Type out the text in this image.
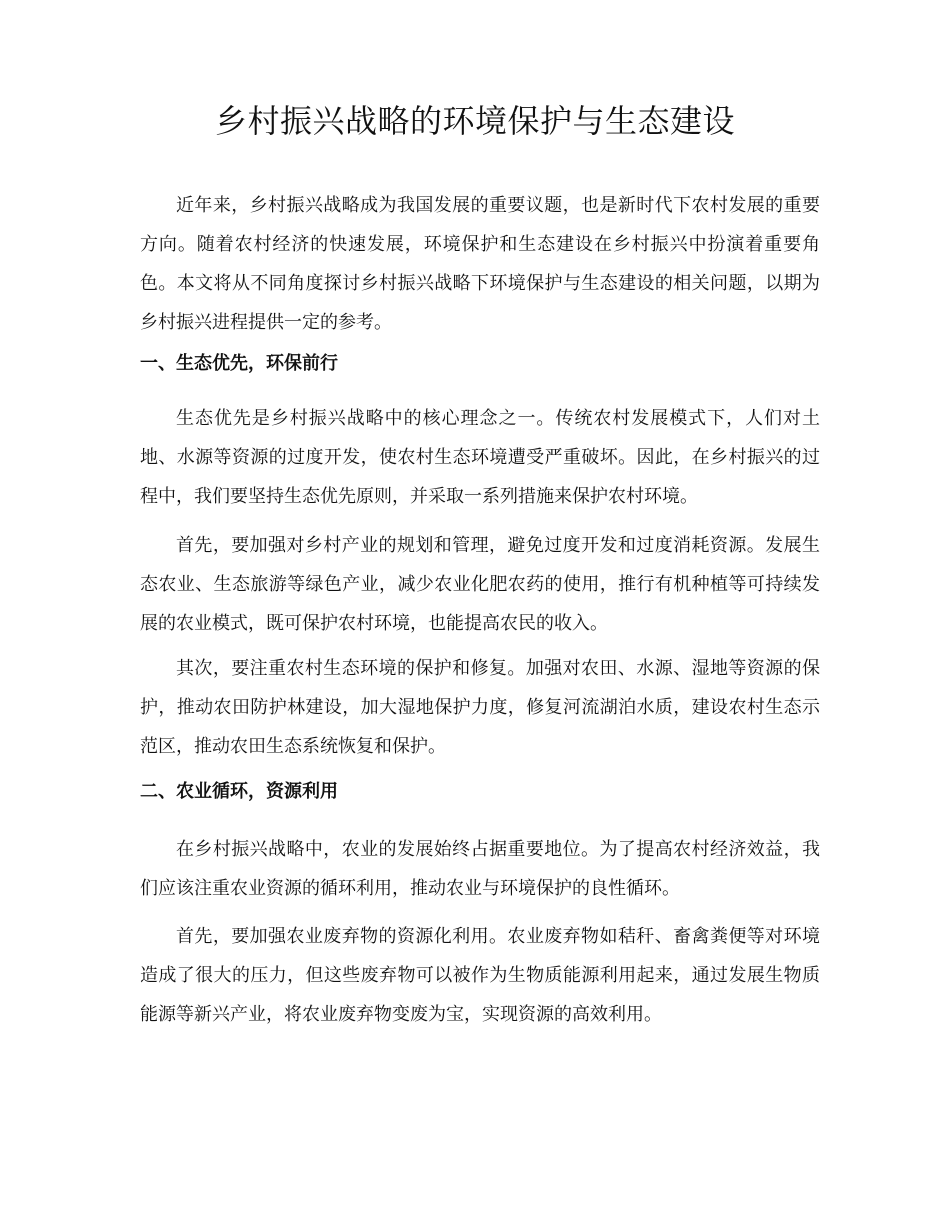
乡村振兴战略的环境保护与生态建设

近年来，乡村振兴战略成为我国发展的重要议题，也是新时代下农村发展的重要方向。随着农村经济的快速发展，环境保护和生态建设在乡村振兴中扮演着重要角色。本文将从不同角度探讨乡村振兴战略下环境保护与生态建设的相关问题，以期为乡村振兴进程提供一定的参考。

一、生态优先，环保前行

生态优先是乡村振兴战略中的核心理念之一。传统农村发展模式下，人们对土地、水源等资源的过度开发，使农村生态环境遭受严重破坏。因此，在乡村振兴的过程中，我们要坚持生态优先原则，并采取一系列措施来保护农村环境。

首先，要加强对乡村产业的规划和管理，避免过度开发和过度消耗资源。发展生态农业、生态旅游等绿色产业，减少农业化肥农药的使用，推行有机种植等可持续发展的农业模式，既可保护农村环境，也能提高农民的收入。

其次，要注重农村生态环境的保护和修复。加强对农田、水源、湿地等资源的保护，推动农田防护林建设，加大湿地保护力度，修复河流湖泊水质，建设农村生态示范区，推动农田生态系统恢复和保护。

二、农业循环，资源利用

在乡村振兴战略中，农业的发展始终占据重要地位。为了提高农村经济效益，我们应该注重农业资源的循环利用，推动农业与环境保护的良性循环。

首先，要加强农业废弃物的资源化利用。农业废弃物如秸秆、畜禽粪便等对环境造成了很大的压力，但这些废弃物可以被作为生物质能源利用起来，通过发展生物质能源等新兴产业，将农业废弃物变废为宝，实现资源的高效利用。
